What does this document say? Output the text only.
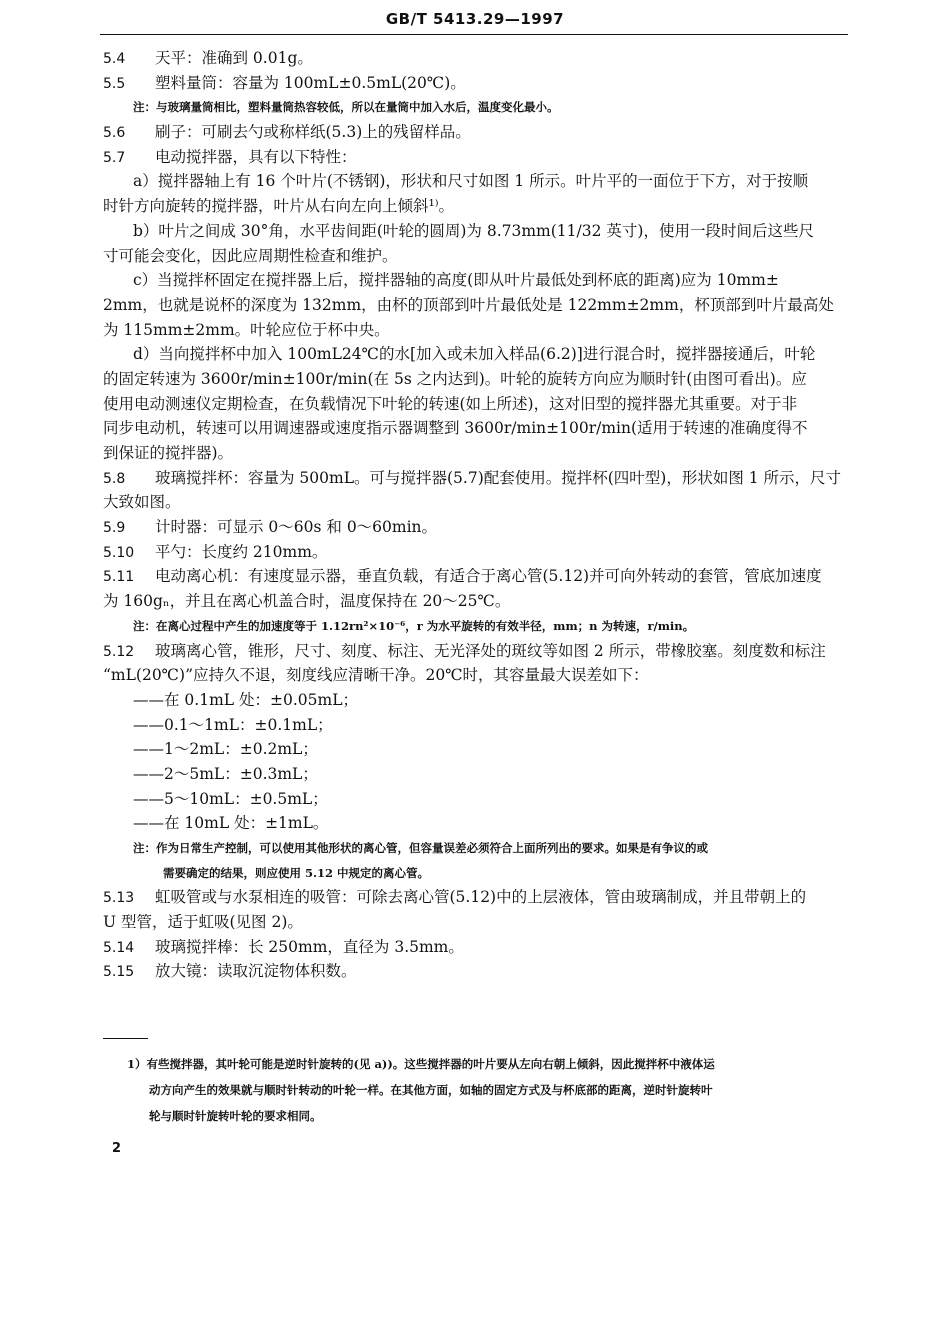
GB/T 5413.29—1997
5.4 天平：准确到 0.01g。
5.5 塑料量筒：容量为 100mL±0.5mL(20℃)。
注：与玻璃量筒相比，塑料量筒热容较低，所以在量筒中加入水后，温度变化最小。
5.6 刷子：可刷去勺或称样纸(5.3)上的残留样品。
5.7 电动搅拌器，具有以下特性：
a）搅拌器轴上有 16 个叶片(不锈钢)，形状和尺寸如图 1 所示。叶片平的一面位于下方，对于按顺
时针方向旋转的搅拌器，叶片从右向左向上倾斜¹⁾。
b）叶片之间成 30°角，水平齿间距(叶轮的圆周)为 8.73mm(11/32 英寸)，使用一段时间后这些尺
寸可能会变化，因此应周期性检查和维护。
c）当搅拌杯固定在搅拌器上后，搅拌器轴的高度(即从叶片最低处到杯底的距离)应为 10mm±
2mm，也就是说杯的深度为 132mm，由杯的顶部到叶片最低处是 122mm±2mm，杯顶部到叶片最高处
为 115mm±2mm。叶轮应位于杯中央。
d）当向搅拌杯中加入 100mL24℃的水[加入或未加入样品(6.2)]进行混合时，搅拌器接通后，叶轮
的固定转速为 3600r/min±100r/min(在 5s 之内达到)。叶轮的旋转方向应为顺时针(由图可看出)。应
使用电动测速仪定期检查，在负载情况下叶轮的转速(如上所述)，这对旧型的搅拌器尤其重要。对于非
同步电动机，转速可以用调速器或速度指示器调整到 3600r/min±100r/min(适用于转速的准确度得不
到保证的搅拌器)。
5.8 玻璃搅拌杯：容量为 500mL。可与搅拌器(5.7)配套使用。搅拌杯(四叶型)，形状如图 1 所示，尺寸
大致如图。
5.9 计时器：可显示 0～60s 和 0～60min。
5.10 平勺：长度约 210mm。
5.11 电动离心机：有速度显示器，垂直负载，有适合于离心管(5.12)并可向外转动的套管，管底加速度
为 160gₙ，并且在离心机盖合时，温度保持在 20～25℃。
注：在离心过程中产生的加速度等于 1.12rn²×10⁻⁶，r 为水平旋转的有效半径，mm；n 为转速，r/min。
5.12 玻璃离心管，锥形，尺寸、刻度、标注、无光泽处的斑纹等如图 2 所示，带橡胶塞。刻度数和标注
“mL(20℃)”应持久不退，刻度线应清晰干净。20℃时，其容量最大误差如下：
——在 0.1mL 处：±0.05mL；
——0.1～1mL：±0.1mL；
——1～2mL：±0.2mL；
——2～5mL：±0.3mL；
——5～10mL：±0.5mL；
——在 10mL 处：±1mL。
注：作为日常生产控制，可以使用其他形状的离心管，但容量误差必须符合上面所列出的要求。如果是有争议的或
需要确定的结果，则应使用 5.12 中规定的离心管。
5.13 虹吸管或与水泵相连的吸管：可除去离心管(5.12)中的上层液体，管由玻璃制成，并且带朝上的
U 型管，适于虹吸(见图 2)。
5.14 玻璃搅拌棒：长 250mm，直径为 3.5mm。
5.15 放大镜：读取沉淀物体积数。
1）有些搅拌器，其叶轮可能是逆时针旋转的(见 a))。这些搅拌器的叶片要从左向右朝上倾斜，因此搅拌杯中液体运
动方向产生的效果就与顺时针转动的叶轮一样。在其他方面，如轴的固定方式及与杯底部的距离，逆时针旋转叶
轮与顺时针旋转叶轮的要求相同。
2
